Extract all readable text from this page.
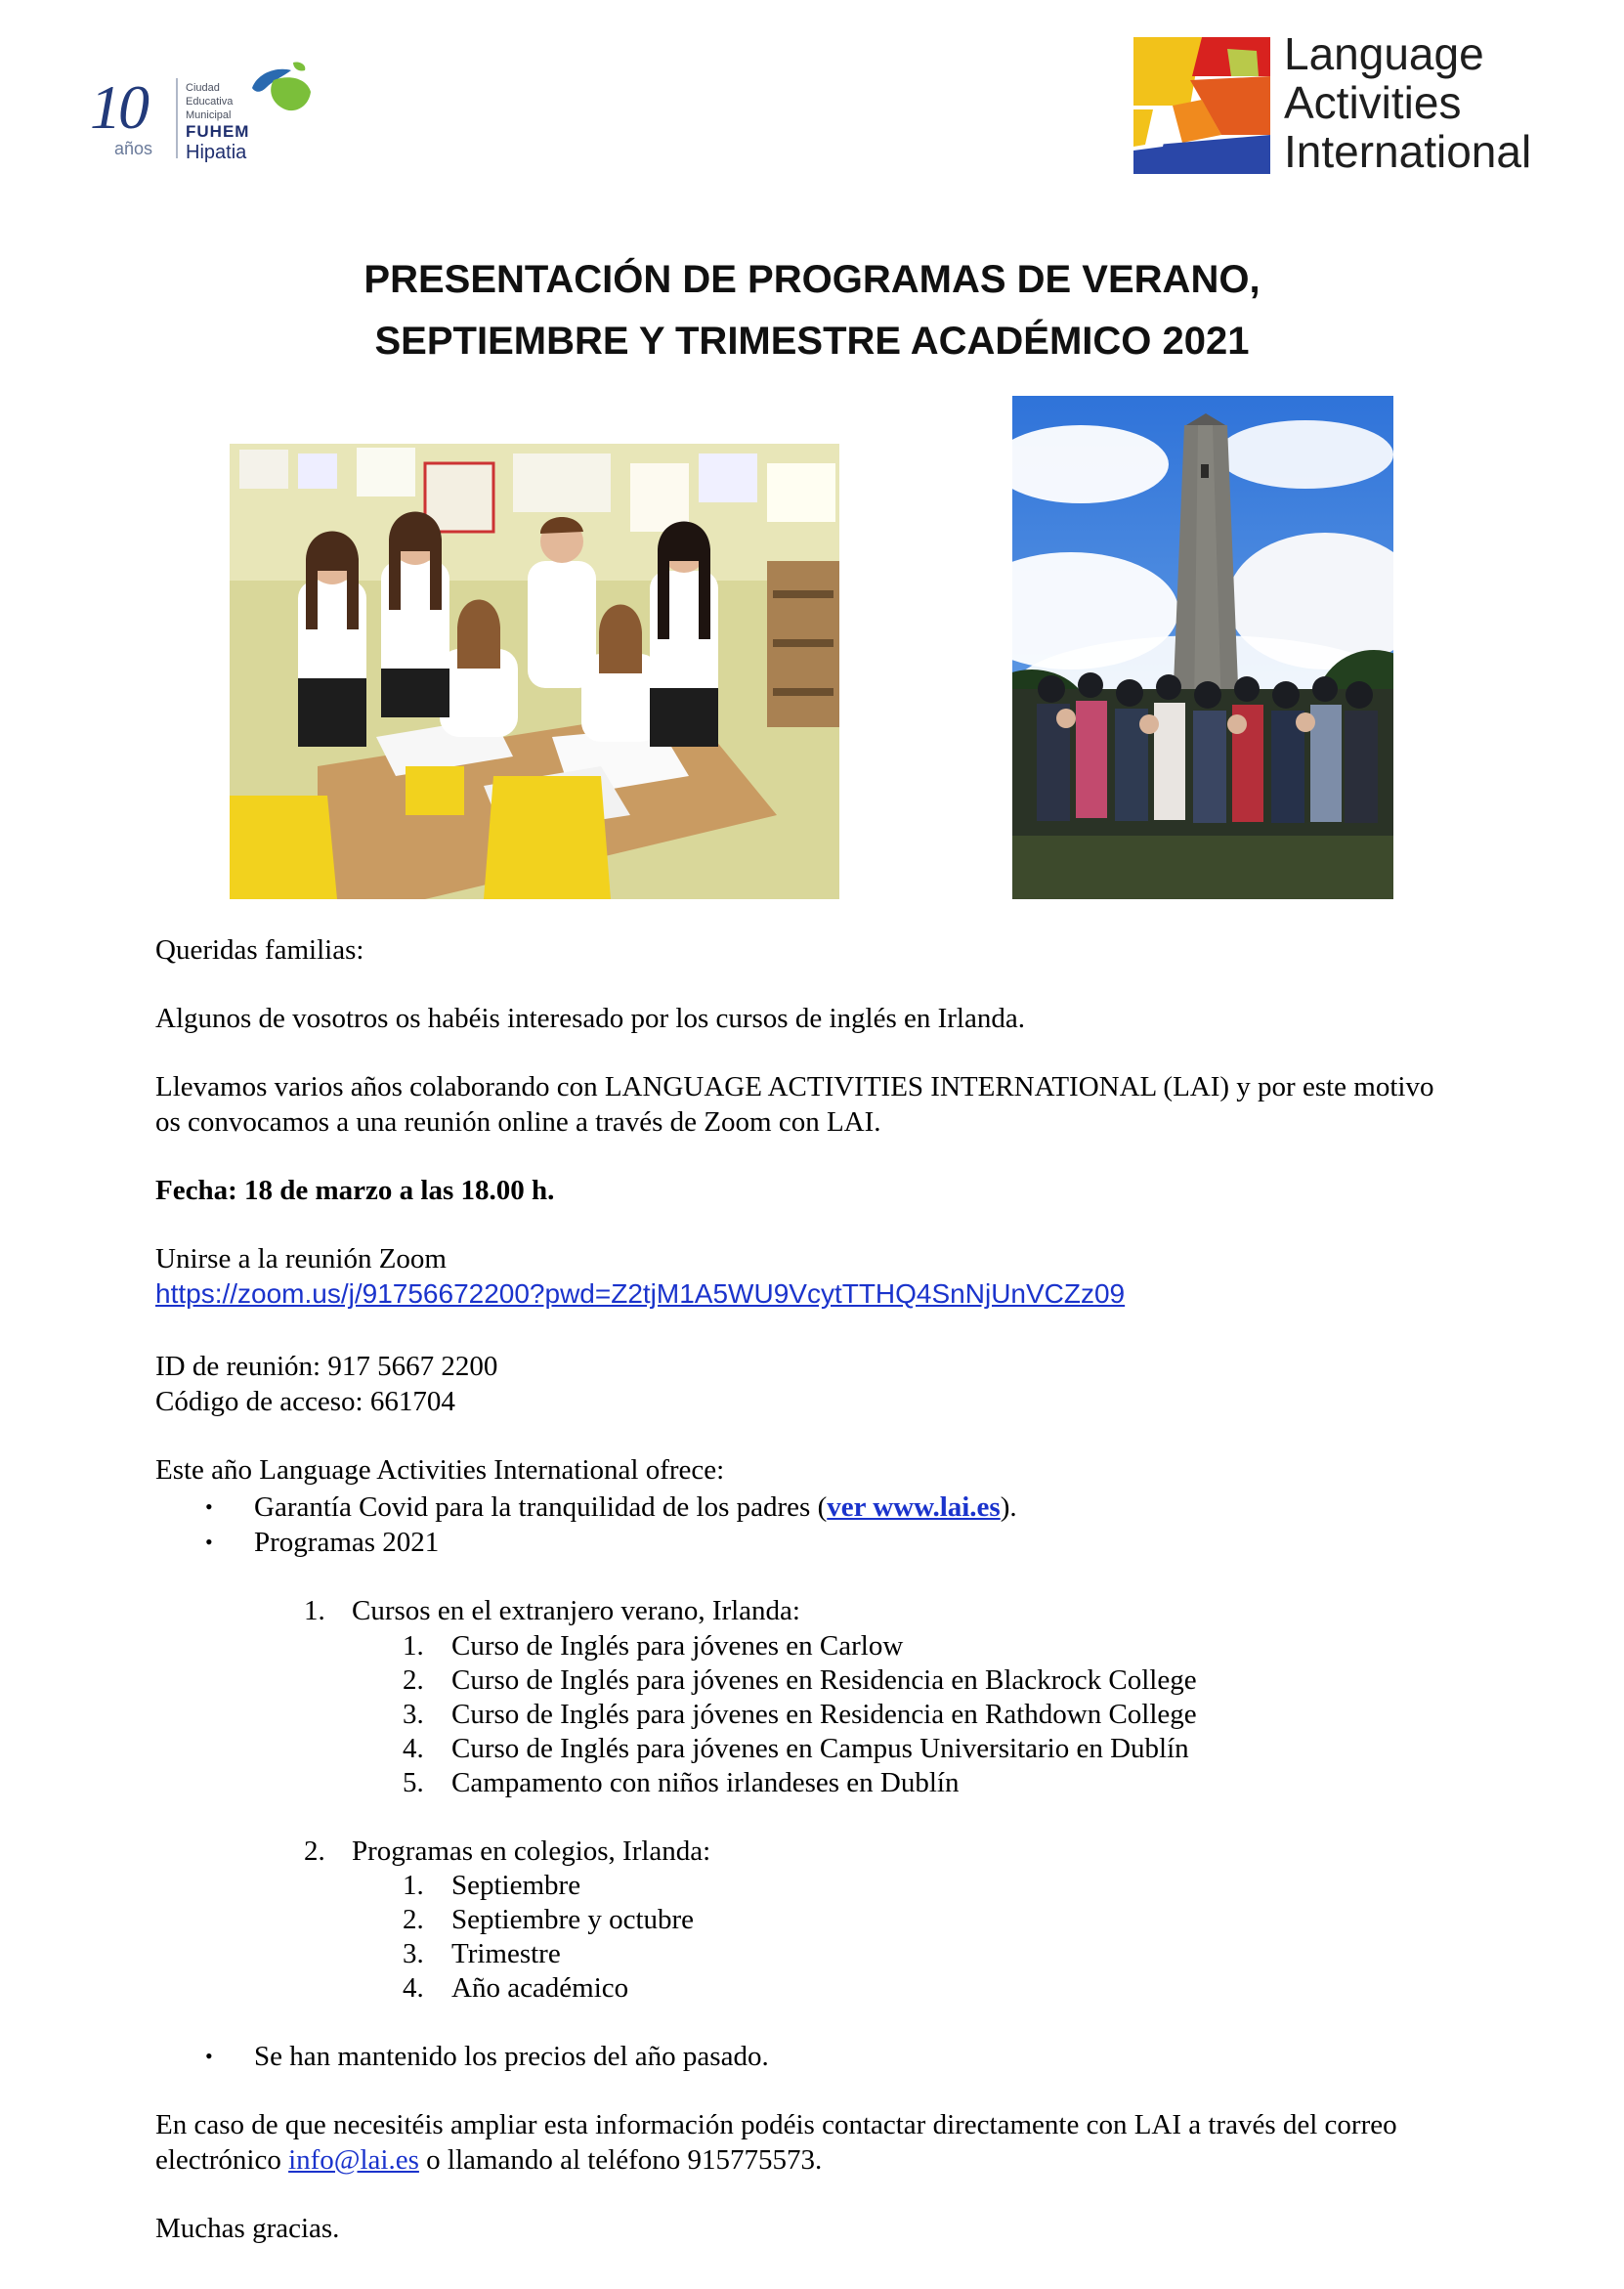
10
años
Ciudad
Educativa
Municipal
FUHEM
Hipatia
Language
Activities
International
PRESENTACIÓN DE PROGRAMAS DE VERANO,
SEPTIEMBRE Y TRIMESTRE ACADÉMICO 2021
Queridas familias:
Algunos de vosotros os habéis interesado por los cursos de inglés en Irlanda.
Llevamos varios años colaborando con LANGUAGE ACTIVITIES INTERNATIONAL (LAI) y por este motivo
os convocamos a una reunión online a través de Zoom con LAI.
Fecha: 18 de marzo a las 18.00 h.
Unirse a la reunión Zoom
https://zoom.us/j/91756672200?pwd=Z2tjM1A5WU9VcytTTHQ4SnNjUnVCZz09
ID de reunión: 917 5667 2200
Código de acceso: 661704
Este año Language Activities International ofrece:
• Garantía Covid para la tranquilidad de los padres (ver www.lai.es).
• Programas 2021
1. Cursos en el extranjero verano, Irlanda:
1. Curso de Inglés para jóvenes en Carlow
2. Curso de Inglés para jóvenes en Residencia en Blackrock College
3. Curso de Inglés para jóvenes en Residencia en Rathdown College
4. Curso de Inglés para jóvenes en Campus Universitario en Dublín
5. Campamento con niños irlandeses en Dublín
2. Programas en colegios, Irlanda:
1. Septiembre
2. Septiembre y octubre
3. Trimestre
4. Año académico
• Se han mantenido los precios del año pasado.
En caso de que necesitéis ampliar esta información podéis contactar directamente con LAI a través del correo
electrónico info@lai.es o llamando al teléfono 915775573.
Muchas gracias.
